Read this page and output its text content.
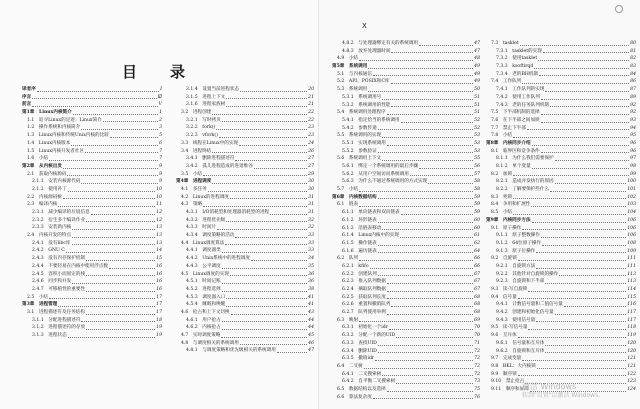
目　录
译者序	Ⅰ
序言	Ⅲ
前言	Ⅴ
第1章　Linux内核简介	1
1.1　追寻Linux的足迹：Linux简介	2
1.2　操作系统和内核简介	3
1.3　Linux内核和传统Unix内核的比较	5
1.4　Linux内核版本	6
1.5　Linux内核开发者社区	7
1.6　小结	7
第2章　从内核出发	9
2.1　获取内核源码	9
2.1.1　安装内核源代码	9
2.1.2　使用补丁	10
2.2　内核源码树	10
2.3　编译内核	11
2.3.1　减少编译的垃圾信息	12
2.3.2　衍生多个编译作业	12
2.3.3　安装新内核	13
2.4　内核开发的特点	13
2.4.1　没有libc库	13
2.4.2　GNU C	14
2.4.3　没有内存保护机制	15
2.4.4　不要轻易在内核中使用浮点数	16
2.4.5　容积小而固定的栈	16
2.4.6　同步和并发	16
2.4.7　可移植性的重要性	16
2.5　小结	17
第3章　进程管理	17
3.1　进程描述符及任务结构	17
3.1.1　分配进程描述符	18
3.1.2　进程描述符的存放	19
3.1.3　进程状态	19
3.1.4　设置当前进程状态	20
3.1.5　进程上下文	21
3.1.6　进程家族树	21
3.2　进程创建	22
3.2.1　写时拷贝	22
3.2.2　fork()	23
3.2.3　vfork()	23
3.3　线程在Linux中的实现	24
3.4　进程终结	26
3.4.1　删除进程描述符	27
3.4.2　孤儿进程造成的进退维谷	27
3.5　小结	29
第4章　进程调度	30
4.1　多任务	30
4.2　Linux的进程调度	31
4.3　策略	31
4.3.1　I/O消耗型和处理器消耗型的进程	31
4.3.2　进程优先级	32
4.3.3　时间片	32
4.3.4　调度策略的活动	33
4.4　Linux调度算法	33
4.4.1　调度器类	33
4.4.2　Unix系统中的进程调度	34
4.4.3　公平调度	35
4.5　Linux调度的实现	36
4.5.1　时间记账	36
4.5.2　进程选择	38
4.5.3　调度器入口	41
4.5.4　睡眠和唤醒	41
4.6　抢占和上下文切换	43
4.6.1　用户抢占	44
4.6.2　内核抢占	44
4.7　实时调度策略	45
4.8　与调度相关的系统调用	46
4.8.1　与调度策略和优先级相关的系统调用	47
X
4.8.2　与处理器绑定有关的系统调用	47
4.8.3　放弃处理器时间	47
4.9　小结	48
第5章　系统调用	49
5.1　与内核通信	49
5.2　API、POSIX和C库	49
5.3　系统调用	50
5.3.1　系统调用号	51
5.3.2　系统调用的性能	51
5.4　系统调用处理程序	51
5.4.1　指定恰当的系统调用	52
5.4.2　参数传递	52
5.5　系统调用的实现	53
5.5.1　实现系统调用	53
5.5.2　参数验证	53
5.6　系统调用上下文	55
5.6.1　绑定一个系统调用的最后步骤	56
5.6.2　从用户空间访问系统调用	57
5.6.3　为什么不通过系统调用的方式实现	58
5.7　小结	58
第6章　内核数据结构	59
6.1　链表	59
6.1.1　单向链表和双向链表	59
6.1.2　环形链表	60
6.1.3　沿链表移动	60
6.1.4　Linux内核中的实现	61
6.1.5　操作链表	62
6.1.6　遍历链表	64
6.2　队列	66
6.2.1　kfifo	66
6.2.2　创建队列	67
6.2.3　推入队列数据	67
6.2.4　摘取队列数据	67
6.2.5　获取队列长度	68
6.2.6　重置和撤销队列	68
6.2.7　队列使用举例	68
6.3　映射	69
6.3.1　初始化一个idr	70
6.3.2　分配一个新的UID	70
6.3.3　查找UID	71
6.3.4　删除UID	72
6.3.5　撤销idr	72
6.4　二叉树	72
6.4.1　二叉搜索树	72
6.4.2　自平衡二叉搜索树	73
6.5　数据结构以及选择	75
6.6　算法复杂度	76
7.3　tasklet	80
7.3.1　tasklet的实现	81
7.3.2　使用tasklet	82
7.3.3　ksoftirqd	83
7.3.4　老的BH机制	84
7.4　工作队列	86
7.4.1　工作队列的实现	87
7.4.2　使用工作队列	89
7.4.3　老的任务队列机制	92
7.5　下半部机制的选择	92
7.6　在下半部之间加锁	93
7.7　禁止下半部	94
7.8　小结	95
第8章　内核同步介绍	96
8.1　临界区和竞争条件	96
8.1.1　为什么我们需要保护	97
8.1.2　单个变量	98
8.2　加锁	99
8.2.1　造成并发执行的原因	100
8.2.2　了解要保护些什么	101
8.3　死锁	102
8.4　争用和扩展性	103
8.5　小结	104
第9章　内核同步方法	106
9.1　原子操作	106
9.1.1　原子整数操作	106
9.1.2　64位原子操作	108
9.1.3　原子位操作	109
9.2　自旋锁	111
9.2.1　自旋锁方法	111
9.2.2　其他针对自旋锁的操作	113
9.2.3　自旋锁和下半部	113
9.3　读-写自旋锁	114
9.4　信号量	115
9.4.1　计数信号量和二值信号量	116
9.4.2　创建和初始化信号量	117
9.4.3　使用信号量	117
9.5　读-写信号量	118
9.6　互斥体	119
9.6.1　信号量和互斥体	120
9.6.2　自旋锁和互斥体	120
9.7　完成变量	121
9.8　BKL：大内核锁	121
9.9　顺序锁	122
9.10　禁止抢占	123
9.11　顺序和屏障	124
激活 Windows
转到"设置"以激活 Windows。
